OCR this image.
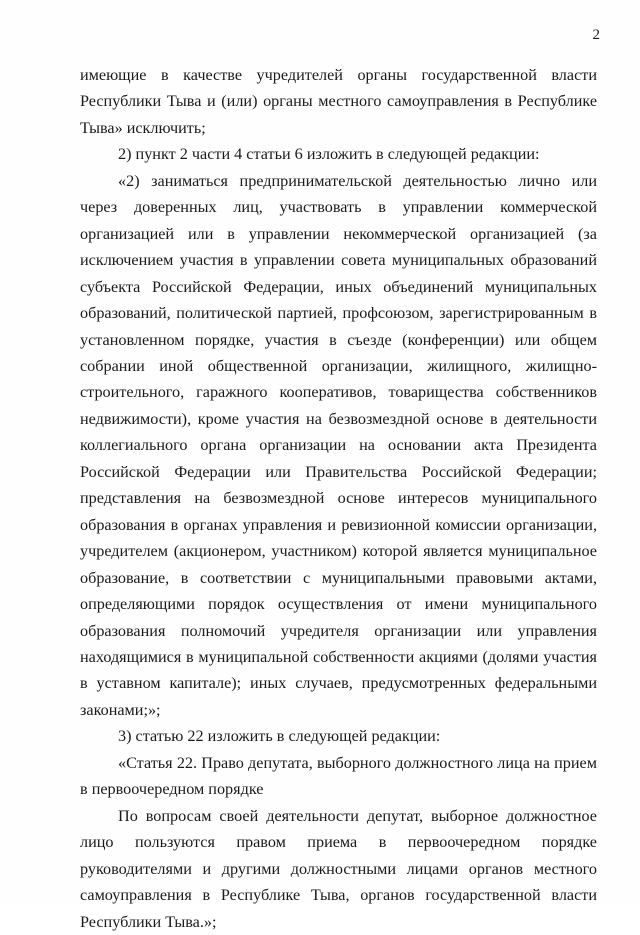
2

имеющие в качестве учредителей органы государственной власти Республики Тыва и (или) органы местного самоуправления в Республике Тыва» исключить;

2) пункт 2 части 4 статьи 6 изложить в следующей редакции:

«2) заниматься предпринимательской деятельностью лично или через доверенных лиц, участвовать в управлении коммерческой организацией или в управлении некоммерческой организацией (за исключением участия в управлении совета муниципальных образований субъекта Российской Федерации, иных объединений муниципальных образований, политической партией, профсоюзом, зарегистрированным в установленном порядке, участия в съезде (конференции) или общем собрании иной общественной организации, жилищного, жилищно-строительного, гаражного кооперативов, товарищества собственников недвижимости), кроме участия на безвозмездной основе в деятельности коллегиального органа организации на основании акта Президента Российской Федерации или Правительства Российской Федерации; представления на безвозмездной основе интересов муниципального образования в органах управления и ревизионной комиссии организации, учредителем (акционером, участником) которой является муниципальное образование, в соответствии с муниципальными правовыми актами, определяющими порядок осуществления от имени муниципального образования полномочий учредителя организации или управления находящимися в муниципальной собственности акциями (долями участия в уставном капитале); иных случаев, предусмотренных федеральными законами;»;

3) статью 22 изложить в следующей редакции:

«Статья 22. Право депутата, выборного должностного лица на прием в первоочередном порядке

По вопросам своей деятельности депутат, выборное должностное лицо пользуются правом приема в первоочередном порядке руководителями и другими должностными лицами органов местного самоуправления в Республике Тыва, органов государственной власти Республики Тыва.»;
